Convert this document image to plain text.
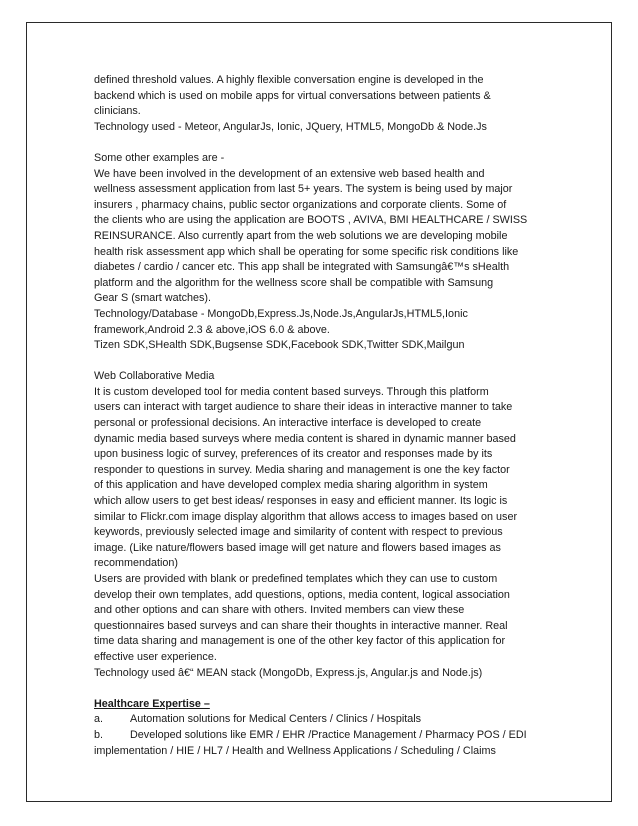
defined threshold values. A highly flexible conversation engine is developed in the
backend which is used on mobile apps for virtual conversations between patients &
clinicians.
Technology used - Meteor, AngularJs, Ionic, JQuery, HTML5, MongoDb & Node.Js
Some other examples are -
We have been involved in the development of an extensive web based health and
wellness assessment application from last 5+ years. The system is being used by major
insurers , pharmacy chains, public sector organizations and corporate clients. Some of
the clients who are using the application are BOOTS , AVIVA, BMI HEALTHCARE / SWISS
REINSURANCE. Also currently apart from the web solutions we are developing mobile
health risk assessment app which shall be operating for some specific risk conditions like
diabetes / cardio / cancer etc. This app shall be integrated with Samsungâ€™s sHealth
platform and the algorithm for the wellness score shall be compatible with Samsung
Gear S (smart watches).
Technology/Database - MongoDb,Express.Js,Node.Js,AngularJs,HTML5,Ionic
framework,Android 2.3 & above,iOS 6.0 & above.
Tizen SDK,SHealth SDK,Bugsense SDK,Facebook SDK,Twitter SDK,Mailgun
Web Collaborative Media
It is custom developed tool for media content based surveys. Through this platform
users can interact with target audience to share their ideas in interactive manner to take
personal or professional decisions. An interactive interface is developed to create
dynamic media based surveys where media content is shared in dynamic manner based
upon business logic of survey, preferences of its creator and responses made by its
responder to questions in survey. Media sharing and management is one the key factor
of this application and have developed complex media sharing algorithm in system
which allow users to get best ideas/ responses in easy and efficient manner. Its logic is
similar to Flickr.com image display algorithm that allows access to images based on user
keywords, previously selected image and similarity of content with respect to previous
image. (Like nature/flowers based image will get nature and flowers based images as
recommendation)
Users are provided with blank or predefined templates which they can use to custom
develop their own templates, add questions, options, media content, logical association
and other options and can share with others. Invited members can view these
questionnaires based surveys and can share their thoughts in interactive manner. Real
time data sharing and management is one of the other key factor of this application for
effective user experience.
Technology used â€“ MEAN stack (MongoDb, Express.js, Angular.js and Node.js)
Healthcare Expertise –
a.	Automation solutions for Medical Centers / Clinics / Hospitals
b.	Developed solutions like EMR / EHR /Practice Management / Pharmacy POS / EDI
implementation / HIE / HL7 / Health and Wellness Applications / Scheduling / Claims
